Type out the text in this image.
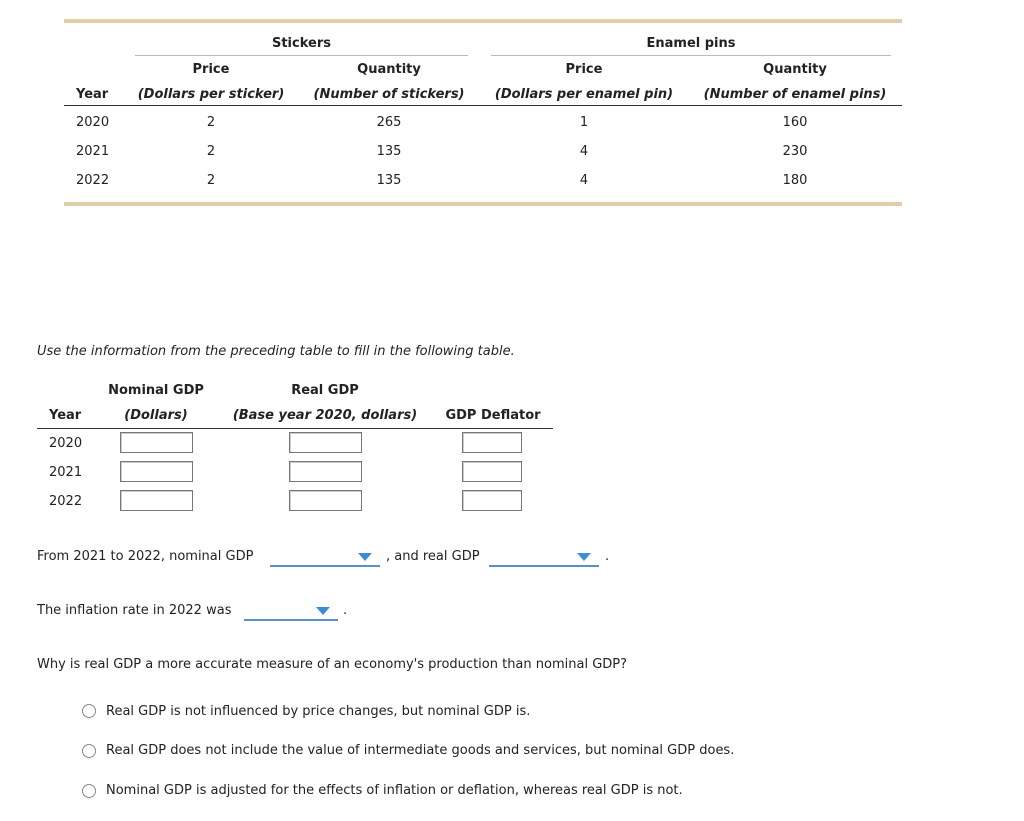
Stickers	Enamel pins
Price	Quantity	Price	Quantity
Year	(Dollars per sticker)	(Number of stickers)	(Dollars per enamel pin)	(Number of enamel pins)
2020	2	265	1	160
2021	2	135	4	230
2022	2	135	4	180
Use the information from the preceding table to fill in the following table.
Nominal GDP	Real GDP
Year	(Dollars)	(Base year 2020, dollars)	GDP Deflator
2020
2021
2022
From 2021 to 2022, nominal GDP	, and real GDP	.
The inflation rate in 2022 was	.
Why is real GDP a more accurate measure of an economy's production than nominal GDP?
Real GDP is not influenced by price changes, but nominal GDP is.
Real GDP does not include the value of intermediate goods and services, but nominal GDP does.
Nominal GDP is adjusted for the effects of inflation or deflation, whereas real GDP is not.
